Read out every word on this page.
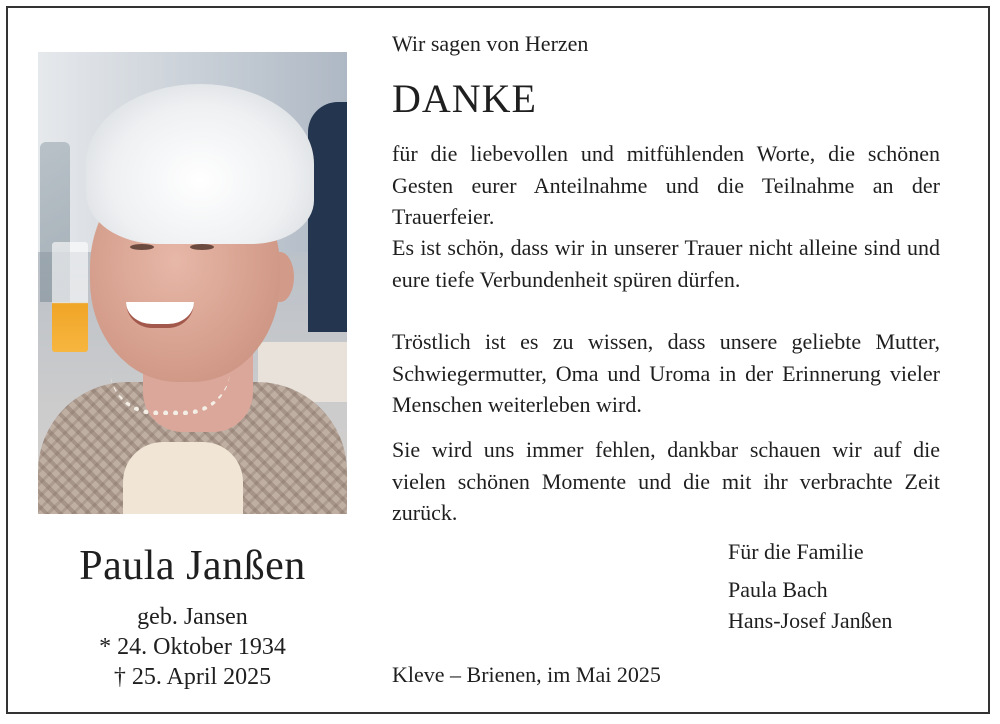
Paula Janßen
geb. Jansen
* 24. Oktober 1934
† 25. April 2025
Wir sagen von Herzen
DANKE

für die liebevollen und mitfühlenden Worte, die schönen Gesten eurer Anteilnahme und die Teilnahme an der Trauerfeier.

Es ist schön, dass wir in unserer Trauer nicht alleine sind und eure tiefe Verbundenheit spüren dürfen.

Tröstlich ist es zu wissen, dass unsere geliebte Mutter, Schwiegermutter, Oma und Uroma in der Erinnerung vieler Menschen weiterleben wird.

Sie wird uns immer fehlen, dankbar schauen wir auf die vielen schönen Momente und die mit ihr verbrachte Zeit zurück.

Für die Familie
Paula Bach
Hans-Josef Janßen
Kleve – Brienen, im Mai 2025
